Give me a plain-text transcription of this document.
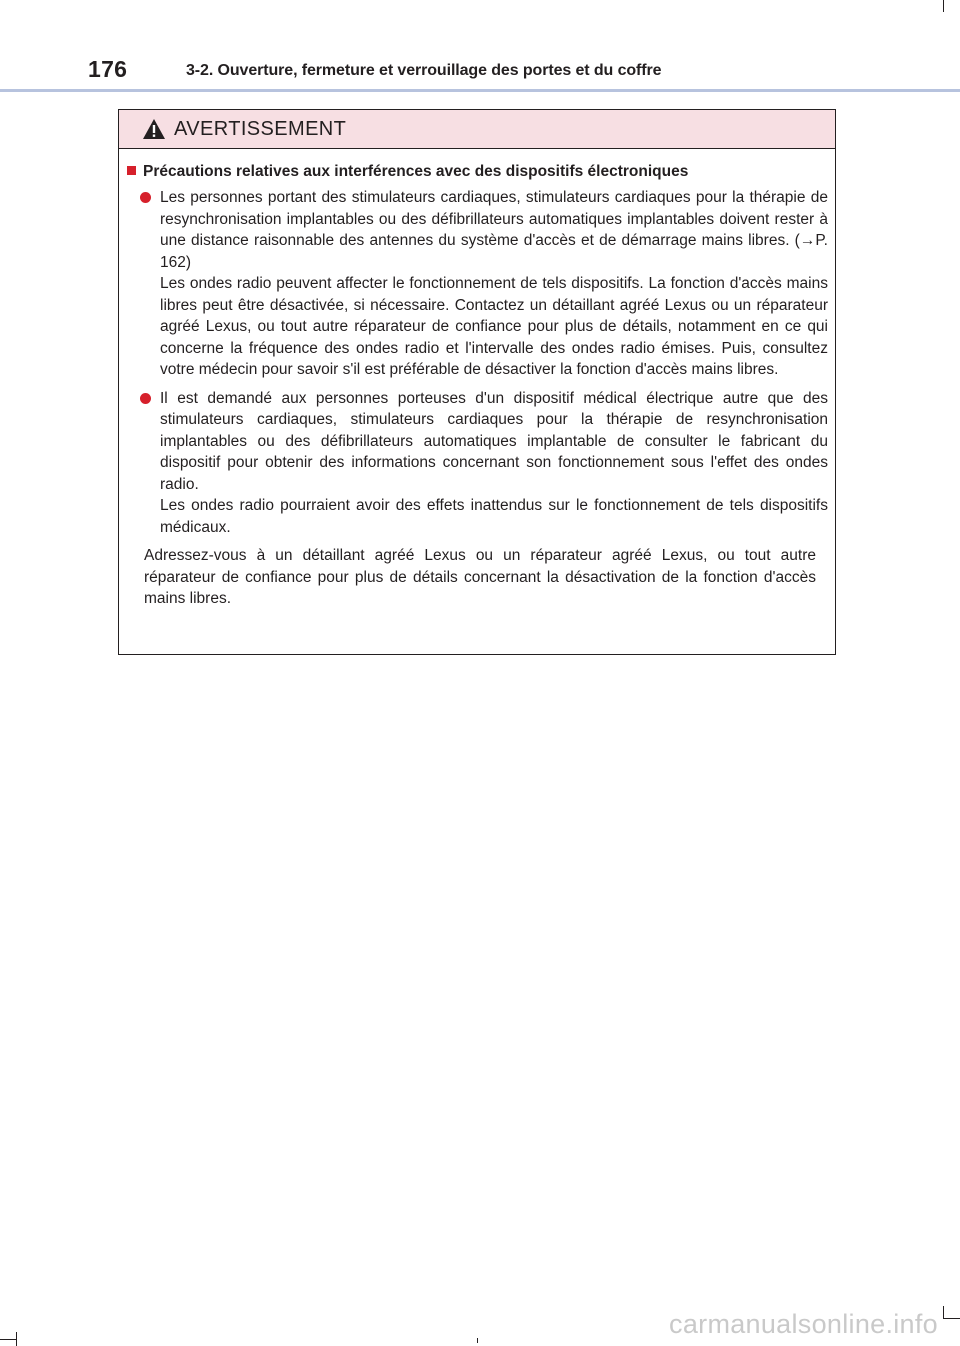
176	3-2. Ouverture, fermeture et verrouillage des portes et du coffre
AVERTISSEMENT
Précautions relatives aux interférences avec des dispositifs électroniques

Les personnes portant des stimulateurs cardiaques, stimulateurs cardiaques pour la thérapie de resynchronisation implantables ou des défibrillateurs automatiques implantables doivent rester à une distance raisonnable des antennes du système d'accès et de démarrage mains libres. (→P. 162)

Les ondes radio peuvent affecter le fonctionnement de tels dispositifs. La fonction d'accès mains libres peut être désactivée, si nécessaire. Contactez un détaillant agréé Lexus ou un réparateur agréé Lexus, ou tout autre réparateur de confiance pour plus de détails, notamment en ce qui concerne la fréquence des ondes radio et l'intervalle des ondes radio émises. Puis, consultez votre médecin pour savoir s'il est préférable de désactiver la fonction d'accès mains libres.

Il est demandé aux personnes porteuses d'un dispositif médical électrique autre que des stimulateurs cardiaques, stimulateurs cardiaques pour la thérapie de resynchronisation implantables ou des défibrillateurs automatiques implantable de consulter le fabricant du dispositif pour obtenir des informations concernant son fonctionnement sous l'effet des ondes radio.

Les ondes radio pourraient avoir des effets inattendus sur le fonctionnement de tels dispositifs médicaux.

Adressez-vous à un détaillant agréé Lexus ou un réparateur agréé Lexus, ou tout autre réparateur de confiance pour plus de détails concernant la désactivation de la fonction d'accès mains libres.

carmanualsonline.info
